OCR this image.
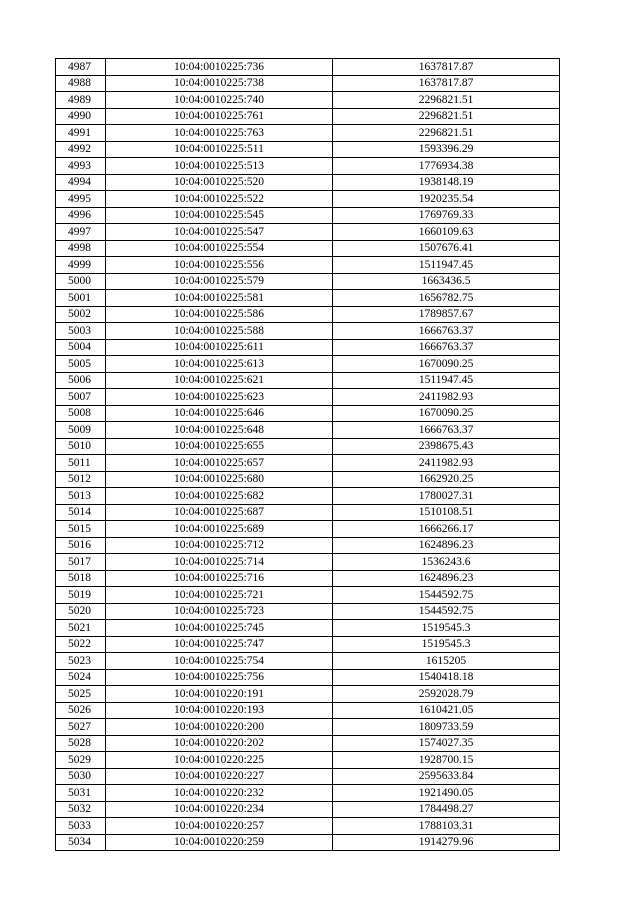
4987	10:04:0010225:736	1637817.87
4988	10:04:0010225:738	1637817.87
4989	10:04:0010225:740	2296821.51
4990	10:04:0010225:761	2296821.51
4991	10:04:0010225:763	2296821.51
4992	10:04:0010225:511	1593396.29
4993	10:04:0010225:513	1776934.38
4994	10:04:0010225:520	1938148.19
4995	10:04:0010225:522	1920235.54
4996	10:04:0010225:545	1769769.33
4997	10:04:0010225:547	1660109.63
4998	10:04:0010225:554	1507676.41
4999	10:04:0010225:556	1511947.45
5000	10:04:0010225:579	1663436.5
5001	10:04:0010225:581	1656782.75
5002	10:04:0010225:586	1789857.67
5003	10:04:0010225:588	1666763.37
5004	10:04:0010225:611	1666763.37
5005	10:04:0010225:613	1670090.25
5006	10:04:0010225:621	1511947.45
5007	10:04:0010225:623	2411982.93
5008	10:04:0010225:646	1670090.25
5009	10:04:0010225:648	1666763.37
5010	10:04:0010225:655	2398675.43
5011	10:04:0010225:657	2411982.93
5012	10:04:0010225:680	1662920.25
5013	10:04:0010225:682	1780027.31
5014	10:04:0010225:687	1510108.51
5015	10:04:0010225:689	1666266.17
5016	10:04:0010225:712	1624896.23
5017	10:04:0010225:714	1536243.6
5018	10:04:0010225:716	1624896.23
5019	10:04:0010225:721	1544592.75
5020	10:04:0010225:723	1544592.75
5021	10:04:0010225:745	1519545.3
5022	10:04:0010225:747	1519545.3
5023	10:04:0010225:754	1615205
5024	10:04:0010225:756	1540418.18
5025	10:04:0010220:191	2592028.79
5026	10:04:0010220:193	1610421.05
5027	10:04:0010220:200	1809733.59
5028	10:04:0010220:202	1574027.35
5029	10:04:0010220:225	1928700.15
5030	10:04:0010220:227	2595633.84
5031	10:04:0010220:232	1921490.05
5032	10:04:0010220:234	1784498.27
5033	10:04:0010220:257	1788103.31
5034	10:04:0010220:259	1914279.96
